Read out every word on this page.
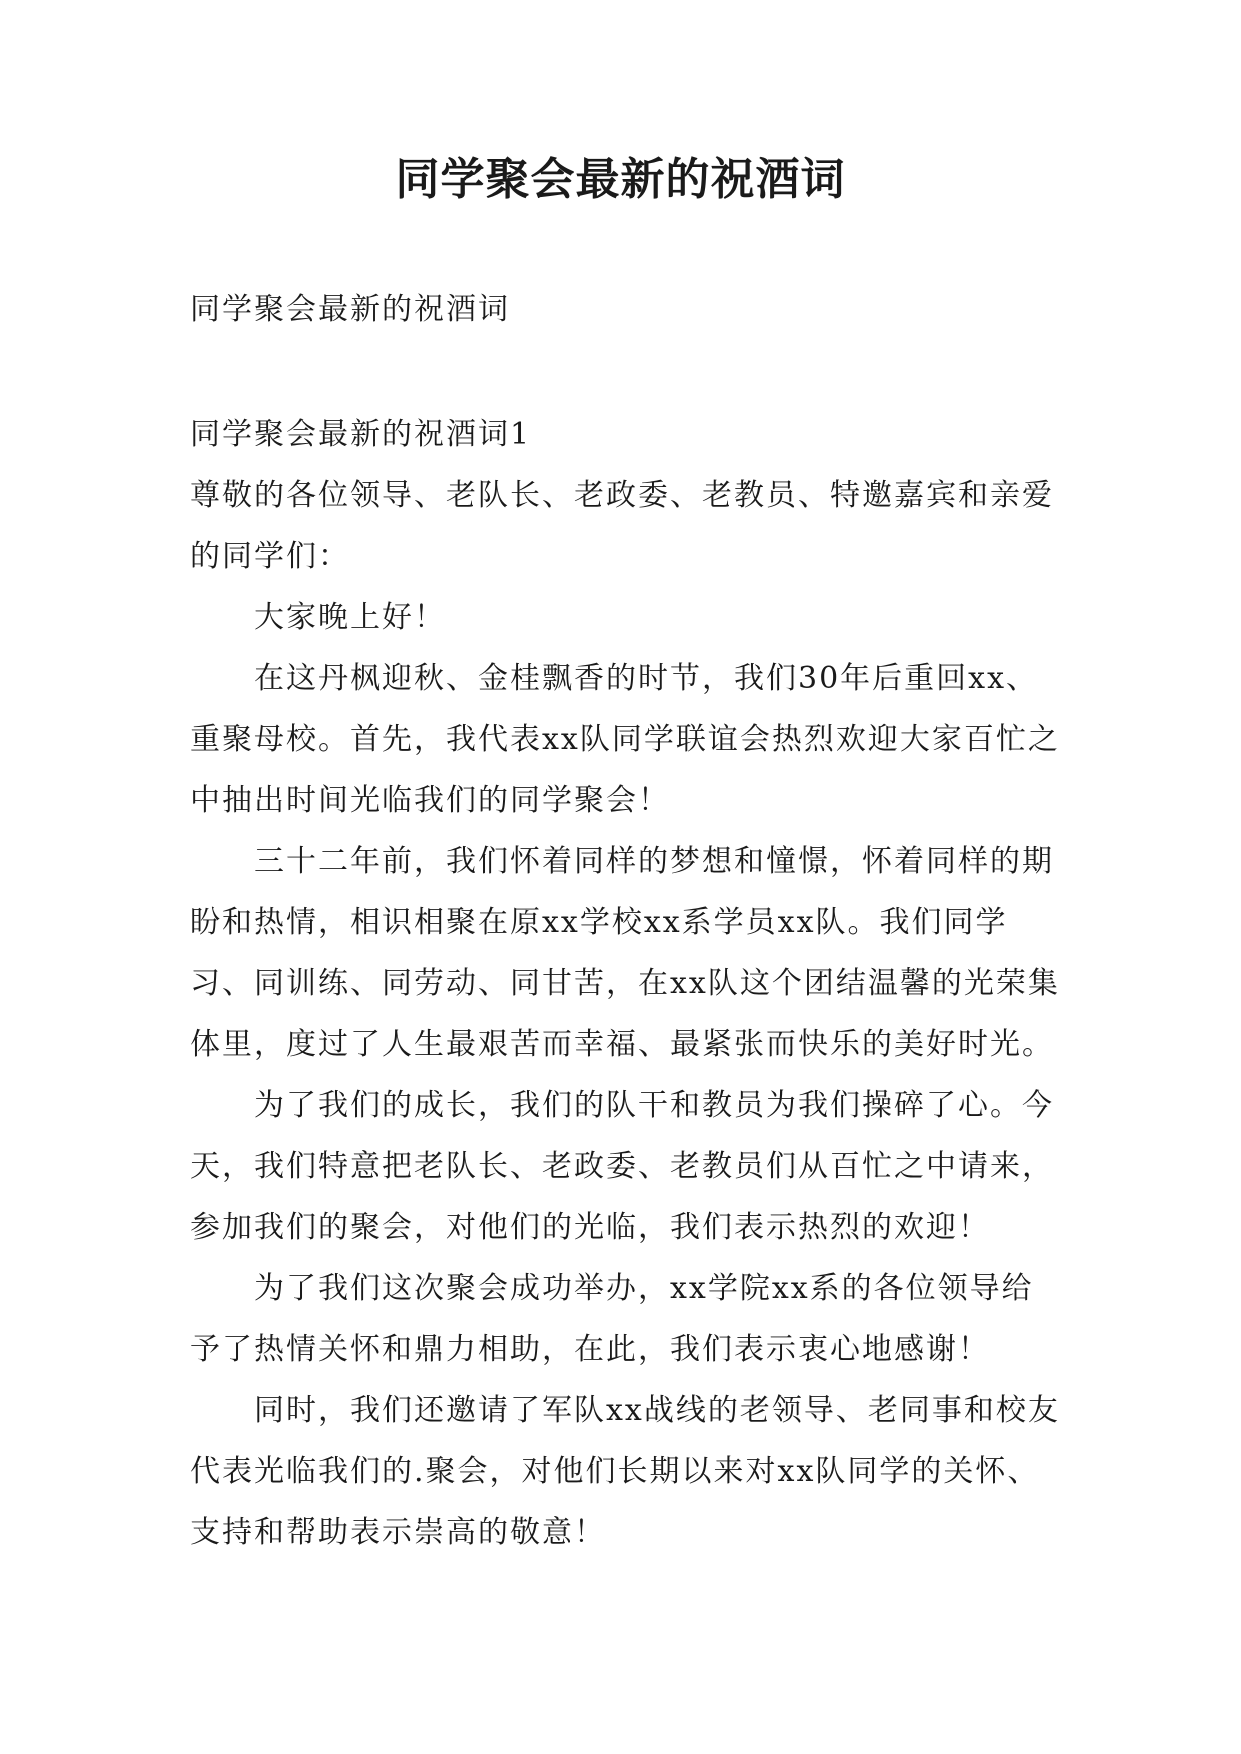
同学聚会最新的祝酒词

同学聚会最新的祝酒词

同学聚会最新的祝酒词1

尊敬的各位领导、老队长、老政委、老教员、特邀嘉宾和亲爱的同学们：

大家晚上好！

在这丹枫迎秋、金桂飘香的时节，我们30年后重回xx、重聚母校。首先，我代表xx队同学联谊会热烈欢迎大家百忙之中抽出时间光临我们的同学聚会！

三十二年前，我们怀着同样的梦想和憧憬，怀着同样的期盼和热情，相识相聚在原xx学校xx系学员xx队。我们同学习、同训练、同劳动、同甘苦，在xx队这个团结温馨的光荣集体里，度过了人生最艰苦而幸福、最紧张而快乐的美好时光。

为了我们的成长，我们的队干和教员为我们操碎了心。今天，我们特意把老队长、老政委、老教员们从百忙之中请来，参加我们的聚会，对他们的光临，我们表示热烈的欢迎！

为了我们这次聚会成功举办，xx学院xx系的各位领导给予了热情关怀和鼎力相助，在此，我们表示衷心地感谢！

同时，我们还邀请了军队xx战线的老领导、老同事和校友代表光临我们的.聚会，对他们长期以来对xx队同学的关怀、支持和帮助表示崇高的敬意！
